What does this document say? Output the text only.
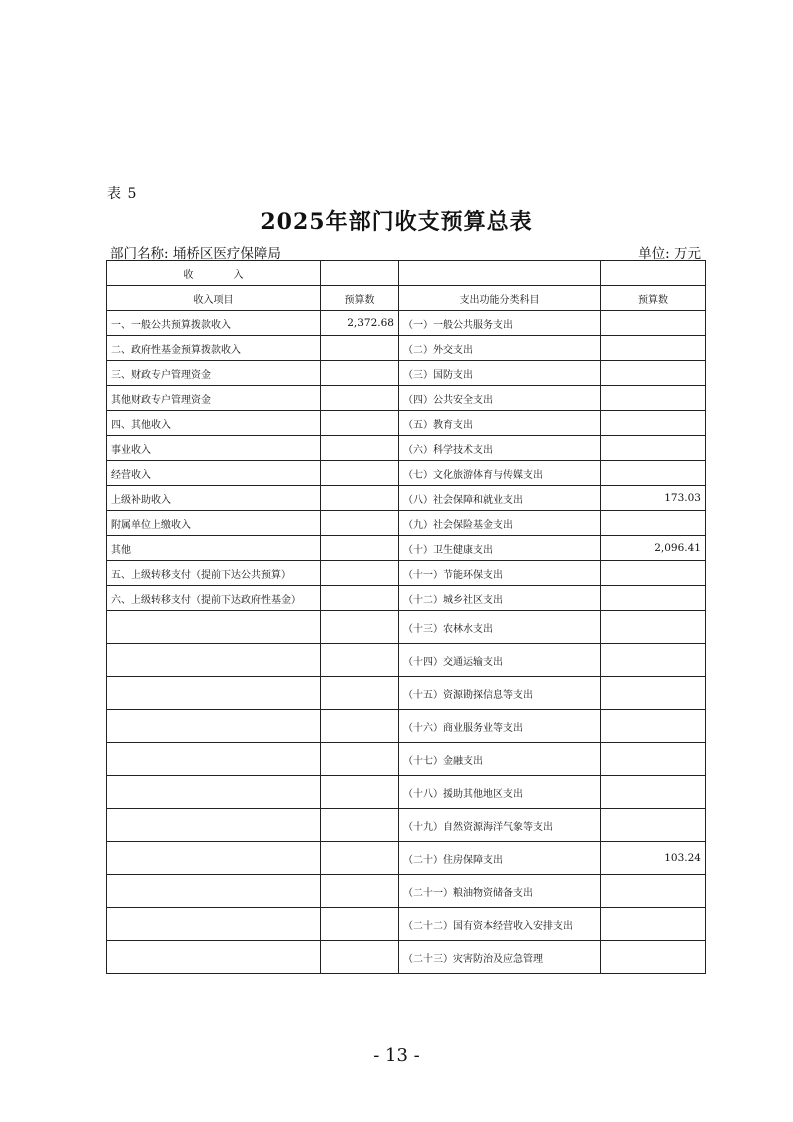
表 5
2025年部门收支预算总表
部门名称: 埇桥区医疗保障局	单位: 万元
收　　　　入			
收入项目	预算数	支出功能分类科目	预算数
一、一般公共预算拨款收入	2,372.68	（一）一般公共服务支出	
二、政府性基金预算拨款收入		（二）外交支出	
三、财政专户管理资金		（三）国防支出	
其他财政专户管理资金		（四）公共安全支出	
四、其他收入		（五）教育支出	
事业收入		（六）科学技术支出	
经营收入		（七）文化旅游体育与传媒支出	
上级补助收入		（八）社会保障和就业支出	173.03
附属单位上缴收入		（九）社会保险基金支出	
其他		（十）卫生健康支出	2,096.41
五、上级转移支付（提前下达公共预算）		（十一）节能环保支出	
六、上级转移支付（提前下达政府性基金）		（十二）城乡社区支出	
		（十三）农林水支出	
		（十四）交通运输支出	
		（十五）资源勘探信息等支出	
		（十六）商业服务业等支出	
		（十七）金融支出	
		（十八）援助其他地区支出	
		（十九）自然资源海洋气象等支出	
		（二十）住房保障支出	103.24
		（二十一）粮油物资储备支出	
		（二十二）国有资本经营收入安排支出	
		（二十三）灾害防治及应急管理	
- 13 -
